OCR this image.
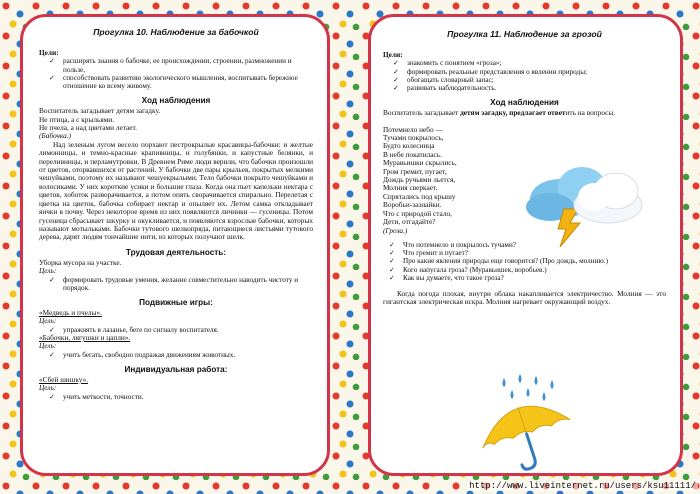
Прогулка 10. Наблюдение за бабочкой

Цели:

✓ расширять знания о бабочке, ее происхождении, строении, размножении и пользе,
✓ способствовать развитию экологического мышления, воспитывать бережное отношение ко всему живому.

Ход наблюдения

Воспитатель загадывает детям загадку.

Не птица, а с крыльями.

Не пчела, а над цветами летает.

(Бабочка.)

Над зеленым лугом весело порхают пестрокрылые красавицы-бабочки: и желтые лимонницы, и темно-красные крапивницы, и голубянки, и капустные белянки, и переливницы, и перламутровки. В Древнем Риме люди верили, что бабочки произошли от цветов, оторвавшихся от растений. У бабочки две пары крыльев, покрытых мелкими чешуйками, поэтому их называют чешуекрылыми. Тело бабочки покрыто чешуйками и волосиками. У них короткие усики и большие глаза. Когда она пьет капельки нектара с цветов, хоботок разворачивается, а потом опять сворачивается спирально. Перелетая с цветка на цветок, бабочка собирает нектар и опыляет их. Летом самка откладывает яички в почву. Через некоторое время из них появляются личинки — гусеницы. Потом гусеница сбрасывает шкурку и окукливается, и появляются взрослые бабочки, которых называют мотыльками. Бабочки тутового шелкопряда, питающиеся листьями тутового дерева, дарят людям тончайшие нити, из которых получают шелк.

Трудовая деятельность:

Уборка мусора на участке.

Цель:

✓ формировать трудовые умения, желание совместительно наводить чистоту и порядок.

Подвижные игры:

«Медведь и пчелы».

Цель:

✓ упражнять в лазанье, беге по сигналу воспитателя.

«Бабочки, лягушки и цапли».

Цель:

✓ учить бегать, свободно подражая движениям животных.

Индивидуальная работа:

«Сбей шишку».

Цель:

✓ учить меткости, точности.

Прогулка 11. Наблюдение за грозой

Цели:

✓ знакомить с понятием «гроза»;
✓ формировать реальные представления о явлении природы;
✓ обогащать словарный запас;
✓ развивать наблюдательность.

Ход наблюдения

Воспитатель загадывает детям загадку, предлагает ответить на вопросы.

Потемнело небо —

Тучами покрылось,

Будто колесница

В небе покатилась.

Муравьишки скрылись,

Гром гремит, пугает,

Дождь ручьями льется,

Молния сверкает.

Спрятались под крышу

Воробьи-зазнайки.

Что с природой стало,

Дети, отгадайте?

(Гроза.)

✓ Что потемнело и покрылось тучами?
✓ Что гремит и пугает?
✓ Про какие явления природы еще говорится? (Про дождь, молнию.)
✓ Кого напугала гроза? (Муравьишек, воробьев.)
✓ Как вы думаете, что такое гроза?

Когда погода плохая, внутри облака накапливается электричество. Молния — это гигантская электрическая искра. Молния нагревает окружающий воздух.

http://www.liveinternet.ru/users/ksu11111/
